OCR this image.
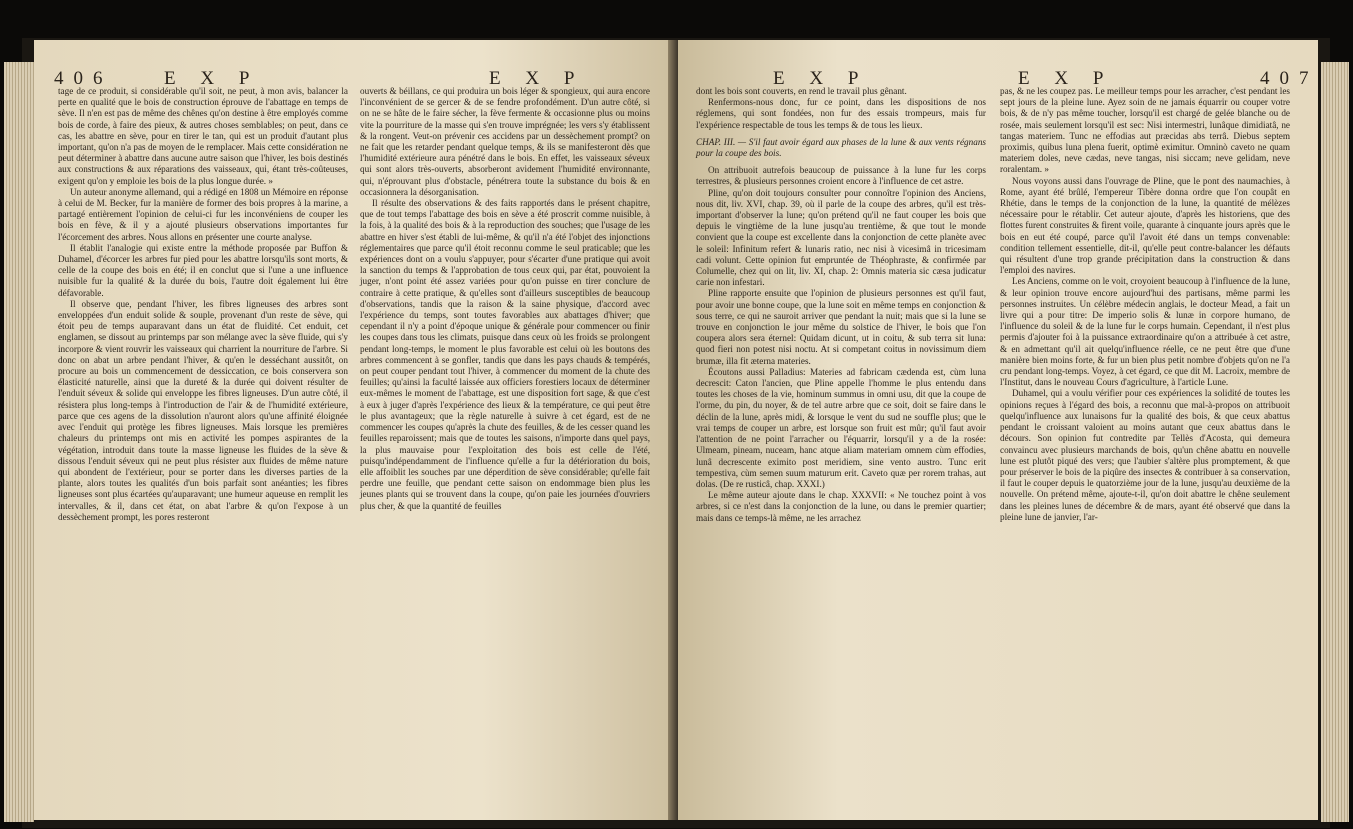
406	E X P	E X P

tage de ce produit, si considérable qu'il soit, ne peut, à mon avis, balancer la perte en qualité que le bois de construction éprouve de l'abattage en temps de sève. Il n'en est pas de même des chênes qu'on destine à être employés comme bois de corde, à faire des pieux, & autres choses semblables; on peut, dans ce cas, les abattre en sève, pour en tirer le tan, qui est un produit d'autant plus important, qu'on n'a pas de moyen de le remplacer. Mais cette considération ne peut déterminer à abattre dans aucune autre saison que l'hiver, les bois destinés aux constructions & aux réparations des vaisseaux, qui, étant très-coûteuses, exigent qu'on y emploie les bois de la plus longue durée. »

Un auteur anonyme allemand, qui a rédigé en 1808 un Mémoire en réponse à celui de M. Becker, fur la manière de former des bois propres à la marine, a partagé entièrement l'opinion de celui-ci fur les inconvéniens de couper les bois en fève, & il y a ajouté plusieurs observations importantes fur l'écorcement des arbres. Nous allons en présenter une courte analyse.

Il établit l'analogie qui existe entre la méthode proposée par Buffon & Duhamel, d'écorcer les arbres fur pied pour les abattre lorsqu'ils sont morts, & celle de la coupe des bois en été; il en conclut que si l'une a une influence nuisible fur la qualité & la durée du bois, l'autre doit également lui être défavorable.

Il observe que, pendant l'hiver, les fibres ligneuses des arbres sont enveloppées d'un enduit solide & souple, provenant d'un reste de sève, qui étoit peu de temps auparavant dans un état de fluidité. Cet enduit, cet englamen, se dissout au printemps par son mélange avec la sève fluide, qui s'y incorpore & vient rouvrir les vaisseaux qui charrient la nourriture de l'arbre. Si donc on abat un arbre pendant l'hiver, & qu'en le desséchant aussitôt, on procure au bois un commencement de dessiccation, ce bois conservera son élasticité naturelle, ainsi que la dureté & la durée qui doivent résulter de l'enduit séveux & solide qui enveloppe les fibres ligneuses. D'un autre côté, il résistera plus long-temps à l'introduction de l'air & de l'humidité extérieure, parce que ces agens de la dissolution n'auront alors qu'une affinité éloignée avec l'enduit qui protège les fibres ligneuses. Mais lorsque les premières chaleurs du printemps ont mis en activité les pompes aspirantes de la végétation, introduit dans toute la masse ligneuse les fluides de la sève & dissous l'enduit séveux qui ne peut plus résister aux fluides de même nature qui abondent de l'extérieur, pour se porter dans les diverses parties de la plante, alors toutes les qualités d'un bois parfait sont anéanties; les fibres ligneuses sont plus écartées qu'auparavant; une humeur aqueuse en remplit les intervalles, & il, dans cet état, on abat l'arbre & qu'on l'expose à un dessèchement prompt, les pores resteront

ouverts & béillans, ce qui produira un bois léger & spongieux, qui aura encore l'inconvénient de se gercer & de se fendre profondément. D'un autre côté, si on ne se hâte de le faire sécher, la fève fermente & occasionne plus ou moins vite la pourriture de la masse qui s'en trouve imprégnée; les vers s'y établissent & la rongent. Veut-on prévenir ces accidens par un dessèchement prompt? on ne fait que les retarder pendant quelque temps, & ils se manifesteront dès que l'humidité extérieure aura pénétré dans le bois. En effet, les vaisseaux séveux qui sont alors très-ouverts, absorberont avidement l'humidité environnante, qui, n'éprouvant plus d'obstacle, pénétrera toute la substance du bois & en occasionnera la désorganisation.

Il résulte des observations & des faits rapportés dans le présent chapitre, que de tout temps l'abattage des bois en sève a été proscrit comme nuisible, à la fois, à la qualité des bois & à la reproduction des souches; que l'usage de les abattre en hiver s'est établi de lui-même, & qu'il n'a été l'objet des injonctions réglementaires que parce qu'il étoit reconnu comme le seul praticable; que les expériences dont on a voulu s'appuyer, pour s'écarter d'une pratique qui avoit la sanction du temps & l'approbation de tous ceux qui, par état, pouvoient la juger, n'ont point été assez variées pour qu'on puisse en tirer conclure de contraire à cette pratique, & qu'elles sont d'ailleurs susceptibles de beaucoup d'observations, tandis que la raison & la saine physique, d'accord avec l'expérience du temps, sont toutes favorables aux abattages d'hiver; que cependant il n'y a point d'époque unique & générale pour commencer ou finir les coupes dans tous les climats, puisque dans ceux où les froids se prolongent pendant long-temps, le moment le plus favorable est celui où les boutons des arbres commencent à se gonfler, tandis que dans les pays chauds & tempérés, on peut couper pendant tout l'hiver, à commencer du moment de la chute des feuilles; qu'ainsi la faculté laissée aux officiers forestiers locaux de déterminer eux-mêmes le moment de l'abattage, est une disposition fort sage, & que c'est à eux à juger d'après l'expérience des lieux & la température, ce qui peut être le plus avantageux; que la règle naturelle à suivre à cet égard, est de ne commencer les coupes qu'après la chute des feuilles, & de les cesser quand les feuilles reparoissent; mais que de toutes les saisons, n'importe dans quel pays, la plus mauvaise pour l'exploitation des bois est celle de l'été, puisqu'indépendamment de l'influence qu'elle a fur la détérioration du bois, elle affoiblit les souches par une déperdition de sève considérable; qu'elle fait perdre une feuille, que pendant cette saison on endommage bien plus les jeunes plants qui se trouvent dans la coupe, qu'on paie les journées d'ouvriers plus cher, & que la quantité de feuilles

E X P	E X P	407

dont les bois sont couverts, en rend le travail plus gênant.

Renfermons-nous donc, fur ce point, dans les dispositions de nos réglemens, qui sont fondées, non fur des essais trompeurs, mais fur l'expérience respectable de tous les temps & de tous les lieux.

CHAP. III. — S'il faut avoir égard aux phases de la lune & aux vents régnans pour la coupe des bois.

On attribuoit autrefois beaucoup de puissance à la lune fur les corps terrestres, & plusieurs personnes croient encore à l'influence de cet astre.

Pline, qu'on doit toujours consulter pour connoître l'opinion des Anciens, nous dit, liv. XVI, chap. 39, où il parle de la coupe des arbres, qu'il est très-important d'observer la lune; qu'on prétend qu'il ne faut couper les bois que depuis le vingtième de la lune jusqu'au trentième, & que tout le monde convient que la coupe est excellente dans la conjonction de cette planète avec le soleil: Infinitum refert & lunaris ratio, nec nisi à vicesimâ in tricesimam cadi volunt. Cette opinion fut empruntée de Théophraste, & confirmée par Columelle, chez qui on lit, liv. XI, chap. 2: Omnis materia sic cæsa judicatur carie non infestari.

Pline rapporte ensuite que l'opinion de plusieurs personnes est qu'il faut, pour avoir une bonne coupe, que la lune soit en même temps en conjonction & sous terre, ce qui ne sauroit arriver que pendant la nuit; mais que si la lune se trouve en conjonction le jour même du solstice de l'hiver, le bois que l'on coupera alors sera éternel: Quidam dicunt, ut in coitu, & sub terra sit luna: quod fieri non potest nisi noctu. At si competant coitus in novissimum diem brumæ, illa fit æterna materies.

Écoutons aussi Palladius: Materies ad fabricam cædenda est, cùm luna decrescit: Caton l'ancien, que Pline appelle l'homme le plus entendu dans toutes les choses de la vie, hominum summus in omni usu, dit que la coupe de l'orme, du pin, du noyer, & de tel autre arbre que ce soit, doit se faire dans le déclin de la lune, après midi, & lorsque le vent du sud ne souffle plus; que le vrai temps de couper un arbre, est lorsque son fruit est mûr; qu'il faut avoir l'attention de ne point l'arracher ou l'équarrir, lorsqu'il y a de la rosée: Ulmeam, pineam, nuceam, hanc atque aliam materiam omnem cùm effodies, lunâ decrescente eximito post meridiem, sine vento austro. Tunc erit tempestiva, cùm semen suum maturum erit. Caveto quæ per rorem trahas, aut dolas. (De re rusticâ, chap. XXXI.)

Le même auteur ajoute dans le chap. XXXVII: « Ne touchez point à vos arbres, si ce n'est dans la conjonction de la lune, ou dans le premier quartier; mais dans ce temps-là même, ne les arrachez

pas, & ne les coupez pas. Le meilleur temps pour les arracher, c'est pendant les sept jours de la pleine lune. Ayez soin de ne jamais équarrir ou couper votre bois, & de n'y pas même toucher, lorsqu'il est chargé de gelée blanche ou de rosée, mais seulement lorsqu'il est sec: Nisi intermestri, lunâque dimidiatâ, ne tangas materiem. Tunc ne effodias aut præcidas abs terrâ. Diebus septem proximis, quibus luna plena fuerit, optimè eximitur. Omninò caveto ne quam materiem doles, neve cædas, neve tangas, nisi siccam; neve gelidam, neve roralentam. »

Nous voyons aussi dans l'ouvrage de Pline, que le pont des naumachies, à Rome, ayant été brûlé, l'empereur Tibère donna ordre que l'on coupât en Rhétie, dans le temps de la conjonction de la lune, la quantité de mélèzes nécessaire pour le rétablir. Cet auteur ajoute, d'après les historiens, que des flottes furent construites & firent voile, quarante à cinquante jours après que le bois en eut été coupé, parce qu'il l'avoit été dans un temps convenable: condition tellement essentielle, dit-il, qu'elle peut contre-balancer les défauts qui résultent d'une trop grande précipitation dans la construction & dans l'emploi des navires.

Les Anciens, comme on le voit, croyoient beaucoup à l'influence de la lune, & leur opinion trouve encore aujourd'hui des partisans, même parmi les personnes instruites. Un célèbre médecin anglais, le docteur Mead, a fait un livre qui a pour titre: De imperio solis & lunæ in corpore humano, de l'influence du soleil & de la lune fur le corps humain. Cependant, il n'est plus permis d'ajouter foi à la puissance extraordinaire qu'on a attribuée à cet astre, & en admettant qu'il ait quelqu'influence réelle, ce ne peut être que d'une manière bien moins forte, & fur un bien plus petit nombre d'objets qu'on ne l'a cru pendant long-temps. Voyez, à cet égard, ce que dit M. Lacroix, membre de l'Institut, dans le nouveau Cours d'agriculture, à l'article Lune.

Duhamel, qui a voulu vérifier pour ces expériences la solidité de toutes les opinions reçues à l'égard des bois, a reconnu que mal-à-propos on attribuoit quelqu'influence aux lunaisons fur la qualité des bois, & que ceux abattus pendant le croissant valoient au moins autant que ceux abattus dans le décours. Son opinion fut contredite par Tellès d'Acosta, qui demeura convaincu avec plusieurs marchands de bois, qu'un chêne abattu en nouvelle lune est plutôt piqué des vers; que l'aubier s'altère plus promptement, & que pour préserver le bois de la piqûre des insectes & contribuer à sa conservation, il faut le couper depuis le quatorzième jour de la lune, jusqu'au deuxième de la nouvelle. On prétend même, ajoute-t-il, qu'on doit abattre le chêne seulement dans les pleines lunes de décembre & de mars, ayant été observé que dans la pleine lune de janvier, l'ar-
